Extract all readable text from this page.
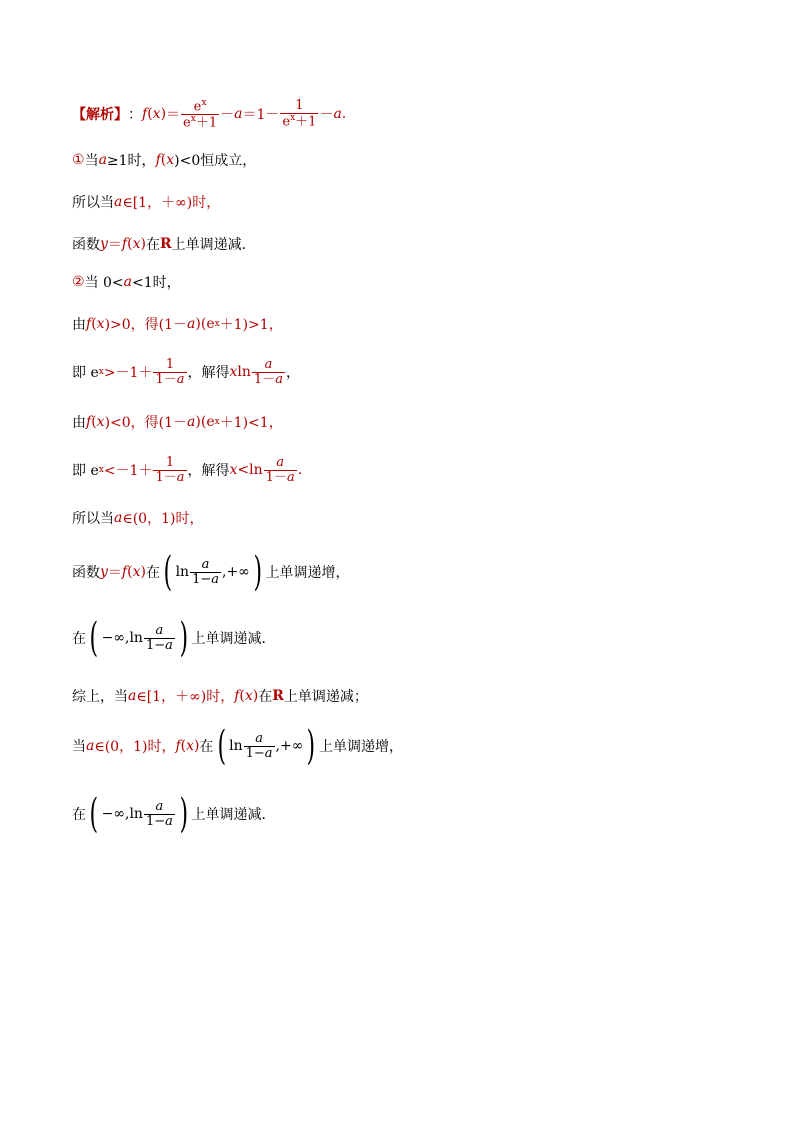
【解析】 ： f ( x ) ＝ $\frac{e^x}{e^x+1} - a =1- \frac{1}{e^x+1} - a$ .
① 当 a ≥1时， f ( x )<0恒成立，
所以当 a ∈[1，＋∞)时，
函数 y ＝ f ( x ) 在 R 上单调递减．
② 当 0< a <1时，
由 f ( x )>0，得(1－ a )(e x ＋1)>1，
即 e $x >-1+ \frac{1}{1-a}$ ，解得 x $\ln \frac{a}{1-a}$ ，
由 f ( x )<0，得(1－ a )(e x ＋1)<1，
即 e $x <-1+ \frac{1}{1-a}$ ，解得 $x <\ln \frac{a}{1-a}$ .
所以当 a ∈(0，1)时，
函数 y ＝ f ( x ) 在 ( $\ln \frac{a}{1-a}$ , +∞ ) 上单调递增，
在 ( −∞, $\ln \frac{a}{1-a}$ ) 上单调递减．
综上，当 a ∈[1，＋∞)时， f ( x ) 在 R 上单调递减；
当 a ∈(0，1)时， f ( x ) 在 ( $\ln \frac{a}{1-a}$ , +∞ ) 上单调递增，
在 ( −∞, $\ln \frac{a}{1-a}$ ) 上单调递减．
